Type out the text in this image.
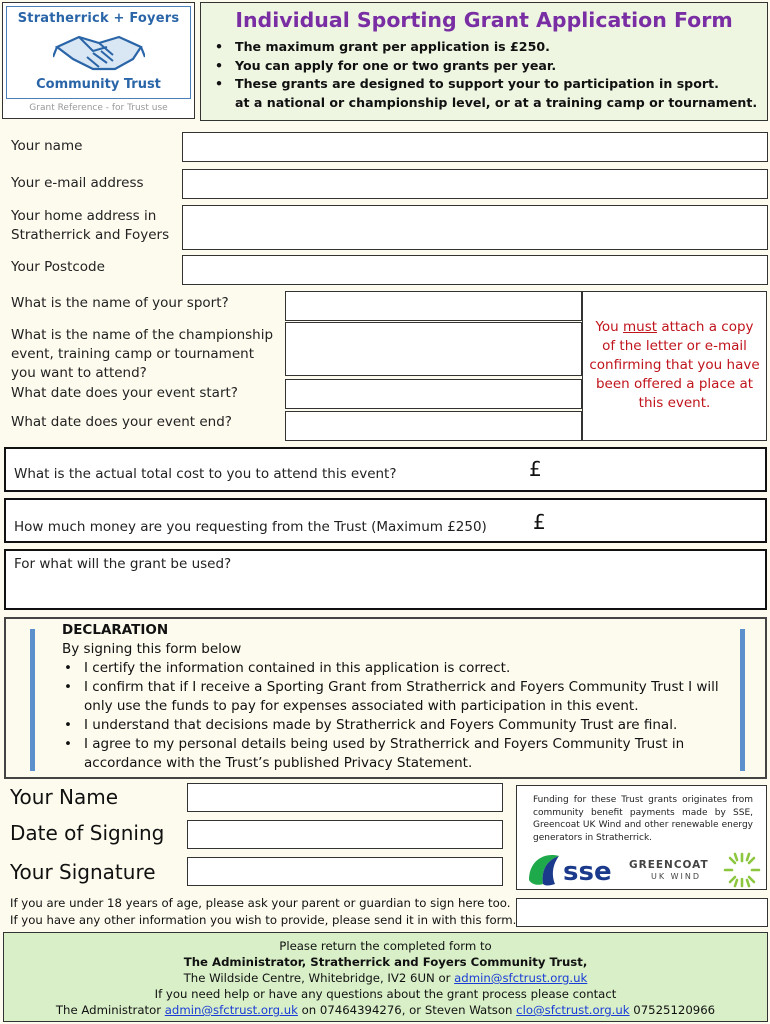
Stratherrick + Foyers
Community Trust
Grant Reference - for Trust use
Individual Sporting Grant Application Form
• The maximum grant per application is £250.
• You can apply for one or two grants per year.
• These grants are designed to support your to participation in sport.
at a national or championship level, or at a training camp or tournament.
Your name
Your e-mail address
Your home address in
Stratherrick and Foyers
Your Postcode
What is the name of your sport?
What is the name of the championship
event, training camp or tournament
you want to attend?
What date does your event start?
What date does your event end?
You must attach a copy of the letter or e-mail confirming that you have been offered a place at this event.
What is the actual total cost to you to attend this event?	£
How much money are you requesting from the Trust (Maximum £250) £
For what will the grant be used?
DECLARATION
By signing this form below
• I certify the information contained in this application is correct.
• I confirm that if I receive a Sporting Grant from Stratherrick and Foyers Community Trust I will only use the funds to pay for expenses associated with participation in this event.
• I understand that decisions made by Stratherrick and Foyers Community Trust are final.
• I agree to my personal details being used by Stratherrick and Foyers Community Trust in accordance with the Trust’s published Privacy Statement.
Your Name
Date of Signing
Your Signature
Funding for these Trust grants originates from community benefit payments made by SSE, Greencoat UK Wind and other renewable energy generators in Stratherrick.
sse GREENCOAT
UK WIND
If you are under 18 years of age, please ask your parent or guardian to sign here too.
If you have any other information you wish to provide, please send it in with this form.
Please return the completed form to
The Administrator, Stratherrick and Foyers Community Trust,
The Wildside Centre, Whitebridge, IV2 6UN or admin@sfctrust.org.uk
If you need help or have any questions about the grant process please contact
The Administrator admin@sfctrust.org.uk on 07464394276, or Steven Watson clo@sfctrust.org.uk 07525120966
